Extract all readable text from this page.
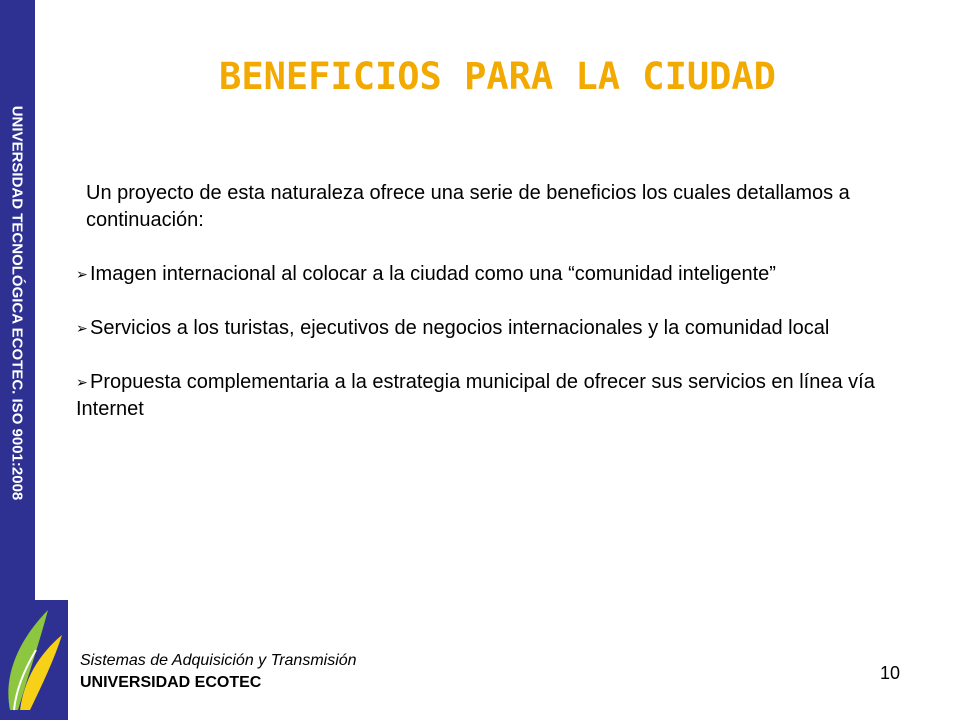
UNIVERSIDAD TECNOLÓGICA ECOTEC. ISO 9001:2008
BENEFICIOS PARA LA CIUDAD

Un proyecto de esta naturaleza ofrece una serie de beneficios los cuales detallamos a continuación:

➢ Imagen internacional al colocar a la ciudad como una “comunidad inteligente”

➢ Servicios a los turistas, ejecutivos de negocios internacionales y la comunidad local

➢ Propuesta complementaria a la estrategia municipal de ofrecer sus servicios en línea vía Internet

Sistemas de Adquisición y Transmisión
UNIVERSIDAD ECOTEC	10
